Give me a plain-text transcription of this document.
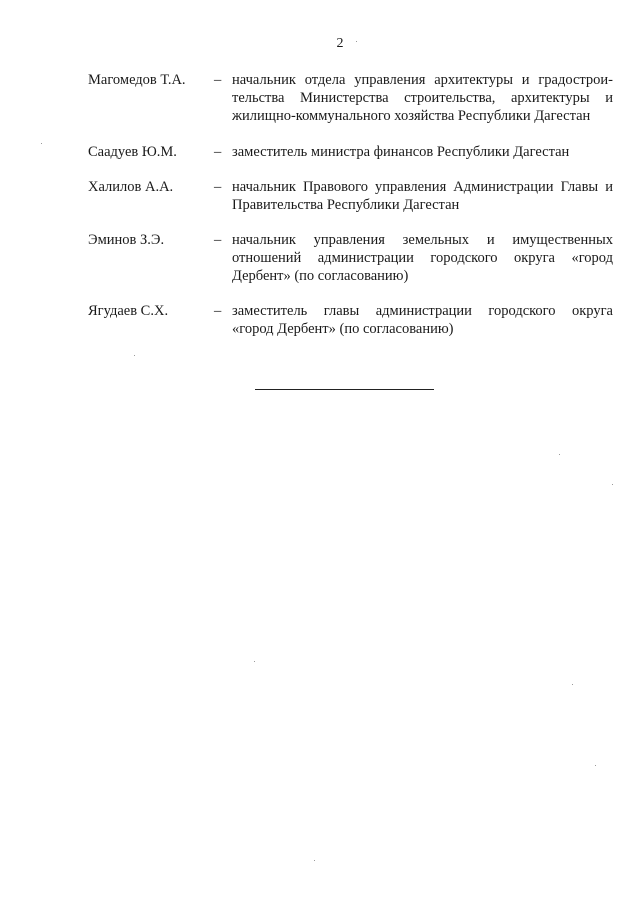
2
Магомедов Т.А. – начальник отдела управления архитектуры и градострои-
тельства Министерства строительства, архитектуры и
жилищно-коммунального хозяйства Республики Дагестан
Саадуев Ю.М.	– заместитель министра финансов Республики Дагестан
Халилов А.А.	– начальник Правового управления Администрации Главы и
Правительства Республики Дагестан
Эминов З.Э.	– начальник управления земельных и имущественных
отношений администрации городского округа «город
Дербент» (по согласованию)
Ягудаев С.Х.	– заместитель главы администрации городского округа
«город Дербент» (по согласованию)
